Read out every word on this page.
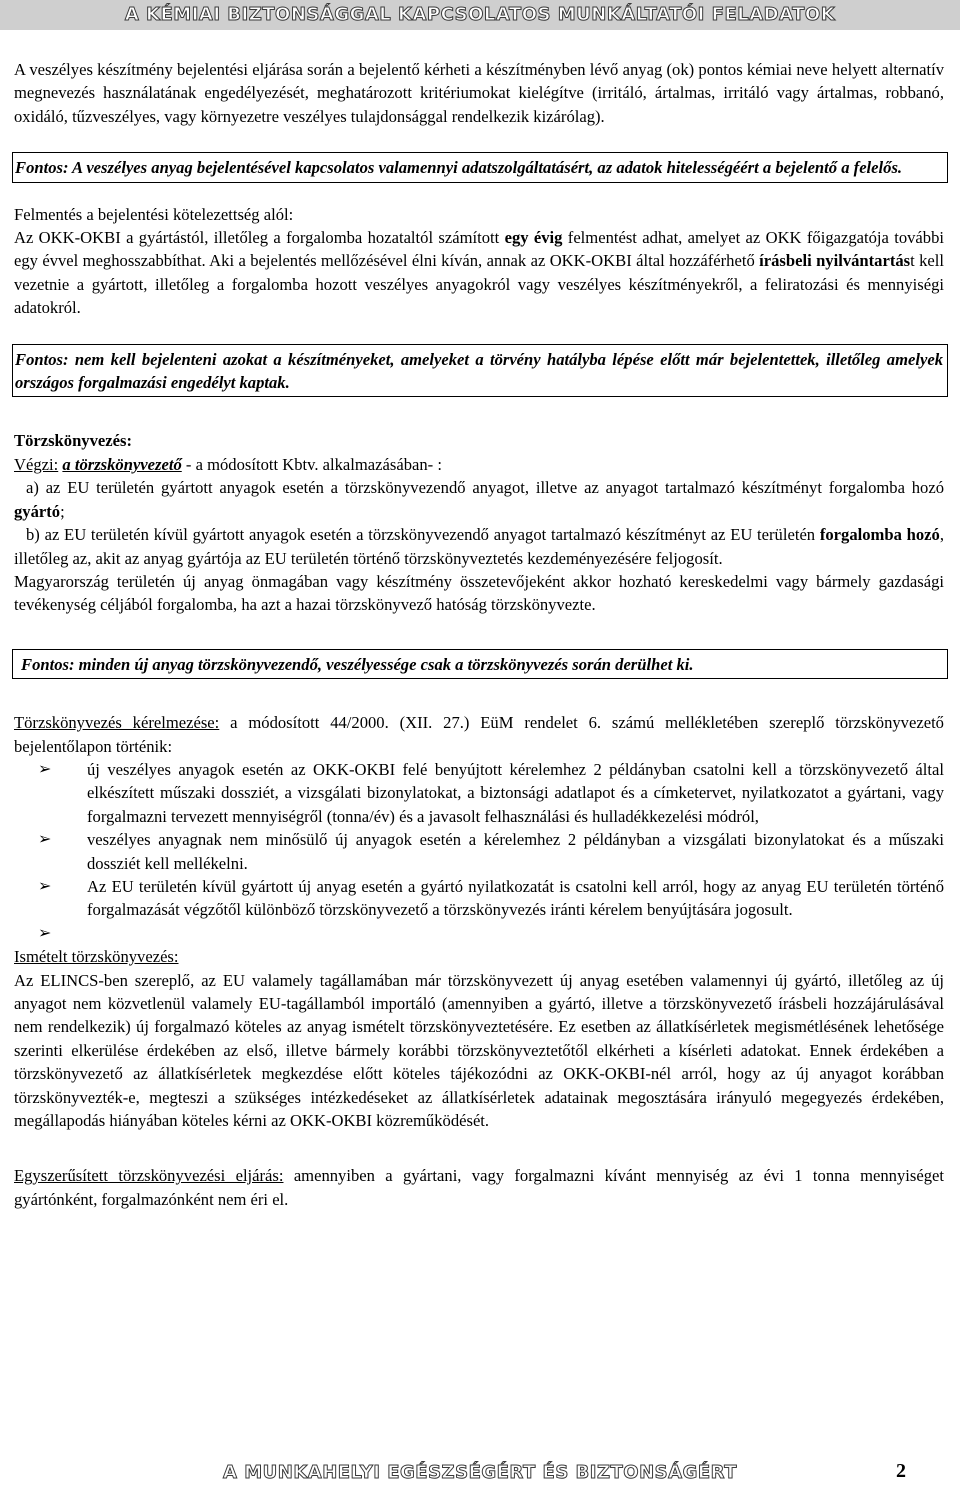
A KÉMIAI BIZTONSÁGGAL KAPCSOLATOS MUNKÁLTATÓI FELADATOK

A veszélyes készítmény bejelentési eljárása során a bejelentő kérheti a készítményben lévő anyag (ok) pontos kémiai neve helyett alternatív megnevezés használatának engedélyezését, meghatározott kritériumokat kielégítve (irritáló, ártalmas, irritáló vagy ártalmas, robbanó, oxidáló, tűzveszélyes, vagy környezetre veszélyes tulajdonsággal rendelkezik kizárólag).

Fontos: A veszélyes anyag bejelentésével kapcsolatos valamennyi adatszolgáltatásért, az adatok hitelességéért a bejelentő a felelős.

Felmentés a bejelentési kötelezettség alól:

Az OKK-OKBI a gyártástól, illetőleg a forgalomba hozataltól számított egy évig felmentést adhat, amelyet az OKK főigazgatója további egy évvel meghosszabbíthat. Aki a bejelentés mellőzésével élni kíván, annak az OKK-OKBI által hozzáférhető írásbeli nyilvántartást kell vezetnie a gyártott, illetőleg a forgalomba hozott veszélyes anyagokról vagy veszélyes készítményekről, a feliratozási és mennyiségi adatokról.

Fontos: nem kell bejelenteni azokat a készítményeket, amelyeket a törvény hatályba lépése előtt már bejelentettek, illetőleg amelyek országos forgalmazási engedélyt kaptak.

Törzskönyvezés:

Végzi: a törzskönyvezető - a módosított Kbtv. alkalmazásában- :

a) az EU területén gyártott anyagok esetén a törzskönyvezendő anyagot, illetve az anyagot tartalmazó készítményt forgalomba hozó gyártó;

b) az EU területén kívül gyártott anyagok esetén a törzskönyvezendő anyagot tartalmazó készítményt az EU területén forgalomba hozó, illetőleg az, akit az anyag gyártója az EU területén történő törzskönyveztetés kezdeményezésére feljogosít.

Magyarország területén új anyag önmagában vagy készítmény összetevőjeként akkor hozható kereskedelmi vagy bármely gazdasági tevékenység céljából forgalomba, ha azt a hazai törzskönyvező hatóság törzskönyvezte.

Fontos: minden új anyag törzskönyvezendő, veszélyessége csak a törzskönyvezés során derülhet ki.

Törzskönyvezés kérelmezése: a módosított 44/2000. (XII. 27.) EüM rendelet 6. számú mellékletében szereplő törzskönyvezető bejelentőlapon történik:

➢ új veszélyes anyagok esetén az OKK-OKBI felé benyújtott kérelemhez 2 példányban csatolni kell a törzskönyvezető által elkészített műszaki dossziét, a vizsgálati bizonylatokat, a biztonsági adatlapot és a címketervet, nyilatkozatot a gyártani, vagy forgalmazni tervezett mennyiségről (tonna/év) és a javasolt felhasználási és hulladékkezelési módról,
➢ veszélyes anyagnak nem minősülő új anyagok esetén a kérelemhez 2 példányban a vizsgálati bizonylatokat és a műszaki dossziét kell mellékelni.
➢ Az EU területén kívül gyártott új anyag esetén a gyártó nyilatkozatát is csatolni kell arról, hogy az anyag EU területén történő forgalmazását végzőtől különböző törzskönyvezető a törzskönyvezés iránti kérelem benyújtására jogosult.
➢

Ismételt törzskönyvezés:

Az ELINCS-ben szereplő, az EU valamely tagállamában már törzskönyvezett új anyag esetében valamennyi új gyártó, illetőleg az új anyagot nem közvetlenül valamely EU-tagállamból importáló (amennyiben a gyártó, illetve a törzskönyvezető írásbeli hozzájárulásával nem rendelkezik) új forgalmazó köteles az anyag ismételt törzskönyveztetésére. Ez esetben az állatkísérletek megismétlésének lehetősége szerinti elkerülése érdekében az első, illetve bármely korábbi törzskönyveztetőtől elkérheti a kísérleti adatokat. Ennek érdekében a törzskönyvezető az állatkísérletek megkezdése előtt köteles tájékozódni az OKK-OKBI-nél arról, hogy az új anyagot korábban törzskönyvezték-e, megteszi a szükséges intézkedéseket az állatkísérletek adatainak megosztására irányuló megegyezés érdekében, megállapodás hiányában köteles kérni az OKK-OKBI közreműködését.

Egyszerűsített törzskönyvezési eljárás: amennyiben a gyártani, vagy forgalmazni kívánt mennyiség az évi 1 tonna mennyiséget gyártónként, forgalmazónként nem éri el.

A MUNKAHELYI EGÉSZSÉGÉRT ÉS BIZTONSÁGÉRT	2
